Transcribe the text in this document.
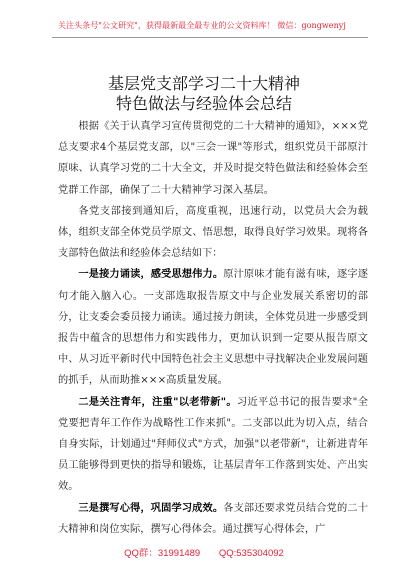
关注头条号"公文研究"，获得最新最全最专业的公文资料库！ 微信：gongwenyj
基层党支部学习二十大精神
特色做法与经验体会总结

根据《关于认真学习宣传贯彻党的二十大精神的通知》，×××党总支要求4个基层党支部，以"三会一课"等形式，组织党员干部原汁原味、认真学习党的二十大全文，并及时提交特色做法和经验体会至党群工作部，确保了二十大精神学习深入基层。

各党支部接到通知后，高度重视，迅速行动，以党员大会为载体，组织支部全体党员学原文、悟思想，取得良好学习效果。现将各支部特色做法和经验体会总结如下：

一是接力诵读，感受思想伟力。原汁原味才能有滋有味，逐字逐句才能入脑入心。一支部选取报告原文中与企业发展关系密切的部分，让支委会委员接力诵读。通过接力朗读，全体党员进一步感受到报告中蕴含的思想伟力和实践伟力，更加认识到一定要从报告原文中、从习近平新时代中国特色社会主义思想中寻找解决企业发展问题的抓手，从而助推×××高质量发展。

二是关注青年，注重"以老带新"。习近平总书记的报告要求"全党要把青年工作作为战略性工作来抓"。二支部以此为切入点，结合自身实际，计划通过"拜师仪式"方式，加强"以老带新"，让新进青年员工能够得到更快的指导和锻炼，让基层青年工作落到实处、产出实效。

三是撰写心得，巩固学习成效。各支部还要求党员结合党的二十大精神和岗位实际，撰写心得体会。通过撰写心得体会，广

QQ群：31991489 QQ:535304092
